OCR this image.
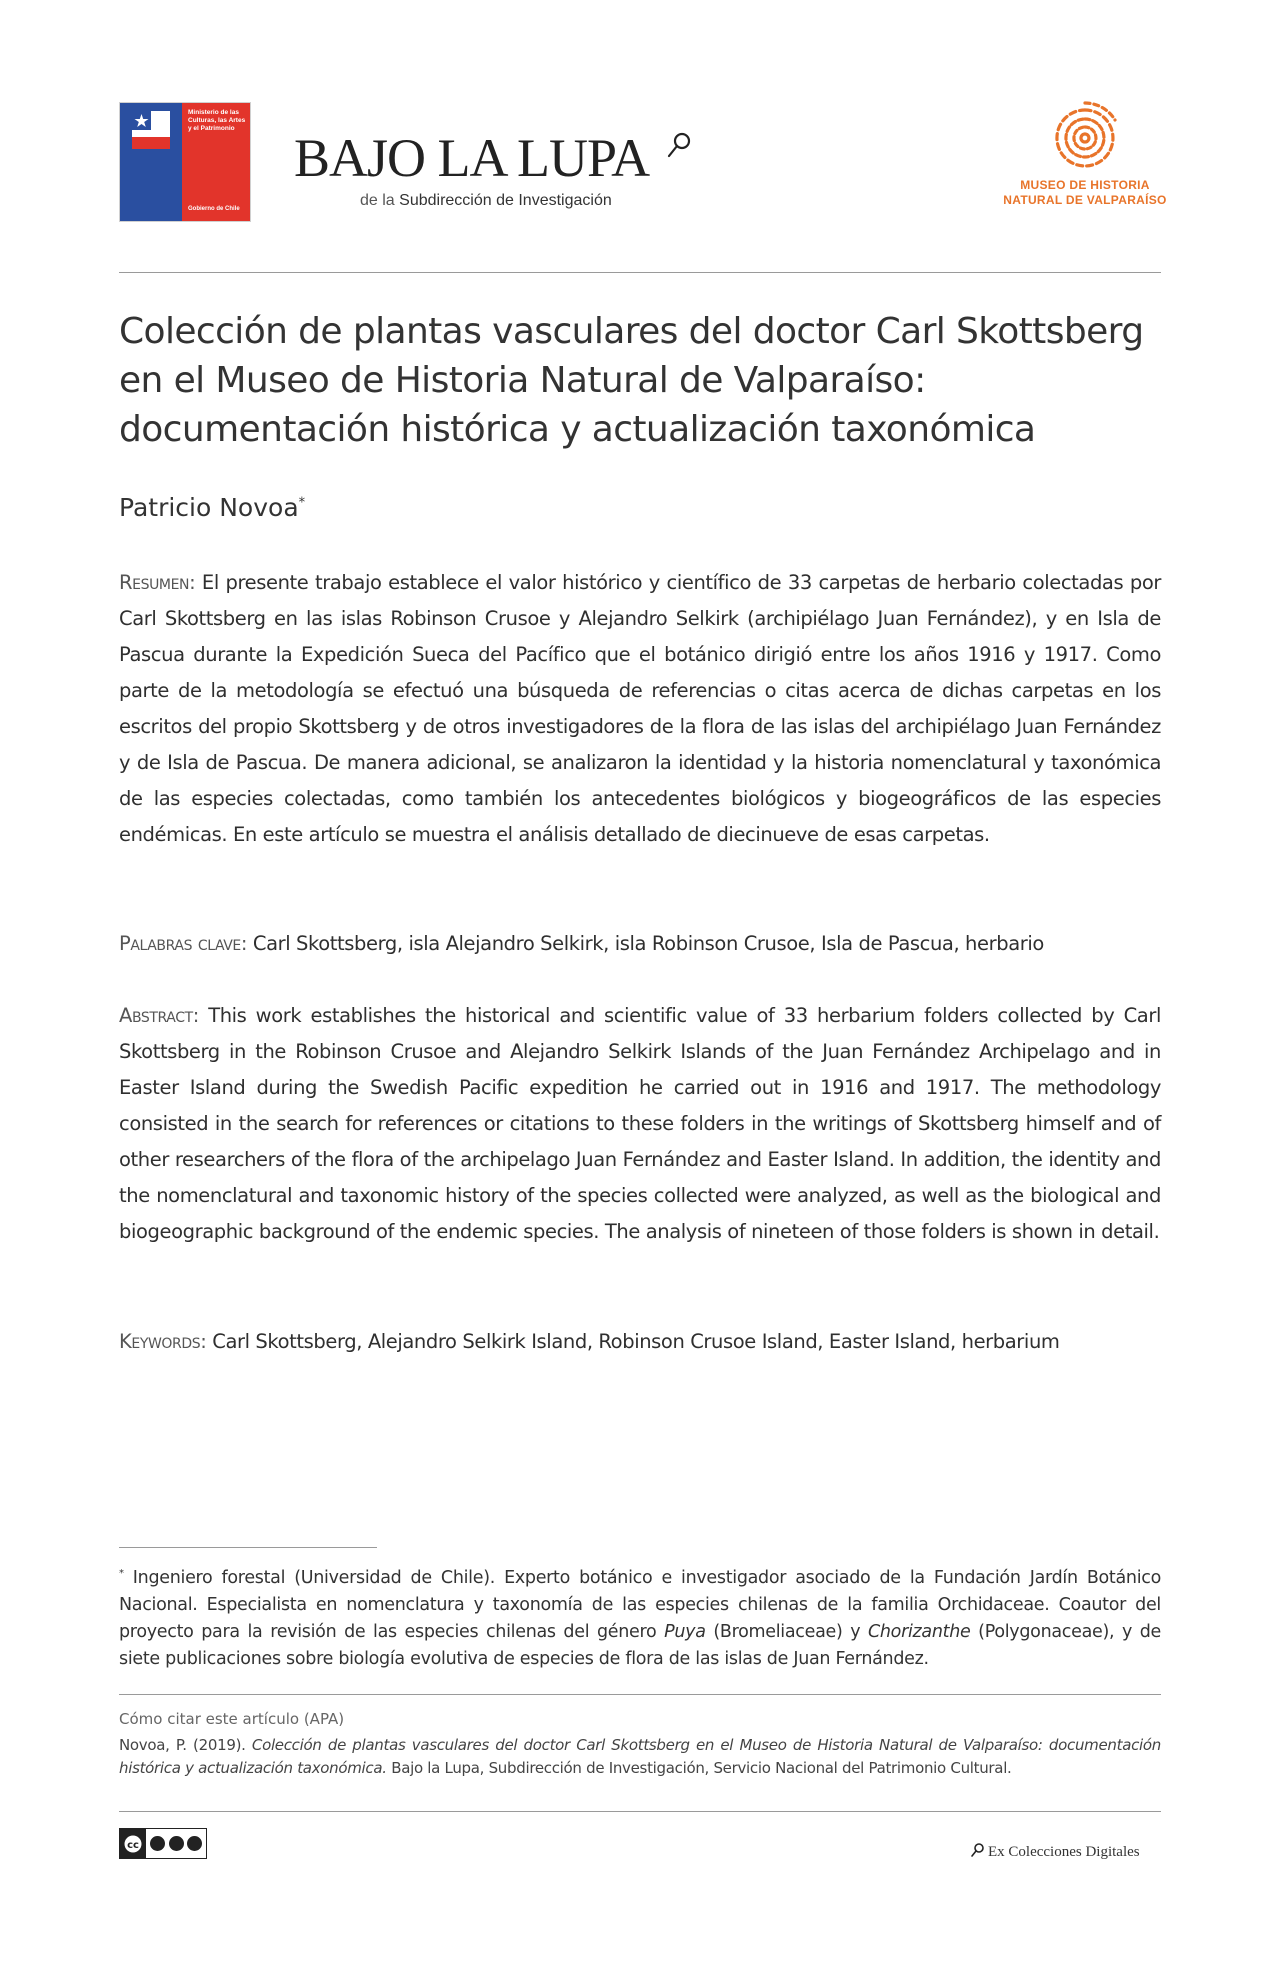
Ministerio de las Culturas, las Artes y el Patrimonio
Gobierno de Chile
BAJO LA LUPA
de la Subdirección de Investigación
MUSEO DE HISTORIA
NATURAL DE VALPARAÍSO
Colección de plantas vasculares del doctor Carl Skottsberg en el Museo de Historia Natural de Valparaíso: documentación histórica y actualización taxonómica
Patricio Novoa*
Resumen: El presente trabajo establece el valor histórico y científico de 33 carpetas de herbario colectadas por Carl Skottsberg en las islas Robinson Crusoe y Alejandro Selkirk (archipiélago Juan Fernández), y en Isla de Pascua durante la Expedición Sueca del Pacífico que el botánico dirigió entre los años 1916 y 1917. Como parte de la metodología se efectuó una búsqueda de referencias o citas acerca de dichas carpetas en los escritos del propio Skottsberg y de otros investigadores de la flora de las islas del archipiélago Juan Fernández y de Isla de Pascua. De manera adicional, se analizaron la identidad y la historia nomenclatural y taxonómica de las especies colectadas, como también los antecedentes biológicos y biogeográficos de las especies endémicas. En este artículo se muestra el análisis detallado de diecinueve de esas carpetas.
Palabras clave: Carl Skottsberg, isla Alejandro Selkirk, isla Robinson Crusoe, Isla de Pascua, herbario
Abstract: This work establishes the historical and scientific value of 33 herbarium folders collected by Carl Skottsberg in the Robinson Crusoe and Alejandro Selkirk Islands of the Juan Fernández Archipelago and in Easter Island during the Swedish Pacific expedition he carried out in 1916 and 1917. The methodology consisted in the search for references or citations to these folders in the writings of Skottsberg himself and of other researchers of the flora of the archipelago Juan Fernández and Easter Island. In addition, the identity and the nomenclatural and taxonomic history of the species collected were analyzed, as well as the biological and biogeographic background of the endemic species. The analysis of nineteen of those folders is shown in detail.
Keywords: Carl Skottsberg, Alejandro Selkirk Island, Robinson Crusoe Island, Easter Island, herbarium
* Ingeniero forestal (Universidad de Chile). Experto botánico e investigador asociado de la Fundación Jardín Botánico Nacional. Especialista en nomenclatura y taxonomía de las especies chilenas de la familia Orchidaceae. Coautor del proyecto para la revisión de las especies chilenas del género Puya (Bromeliaceae) y Chorizanthe (Polygonaceae), y de siete publicaciones sobre biología evolutiva de especies de flora de las islas de Juan Fernández.
Cómo citar este artículo (APA)
Novoa, P. (2019). Colección de plantas vasculares del doctor Carl Skottsberg en el Museo de Historia Natural de Valparaíso: documentación histórica y actualización taxonómica. Bajo la Lupa, Subdirección de Investigación, Servicio Nacional del Patrimonio Cultural.
cc	Ex Colecciones Digitales
